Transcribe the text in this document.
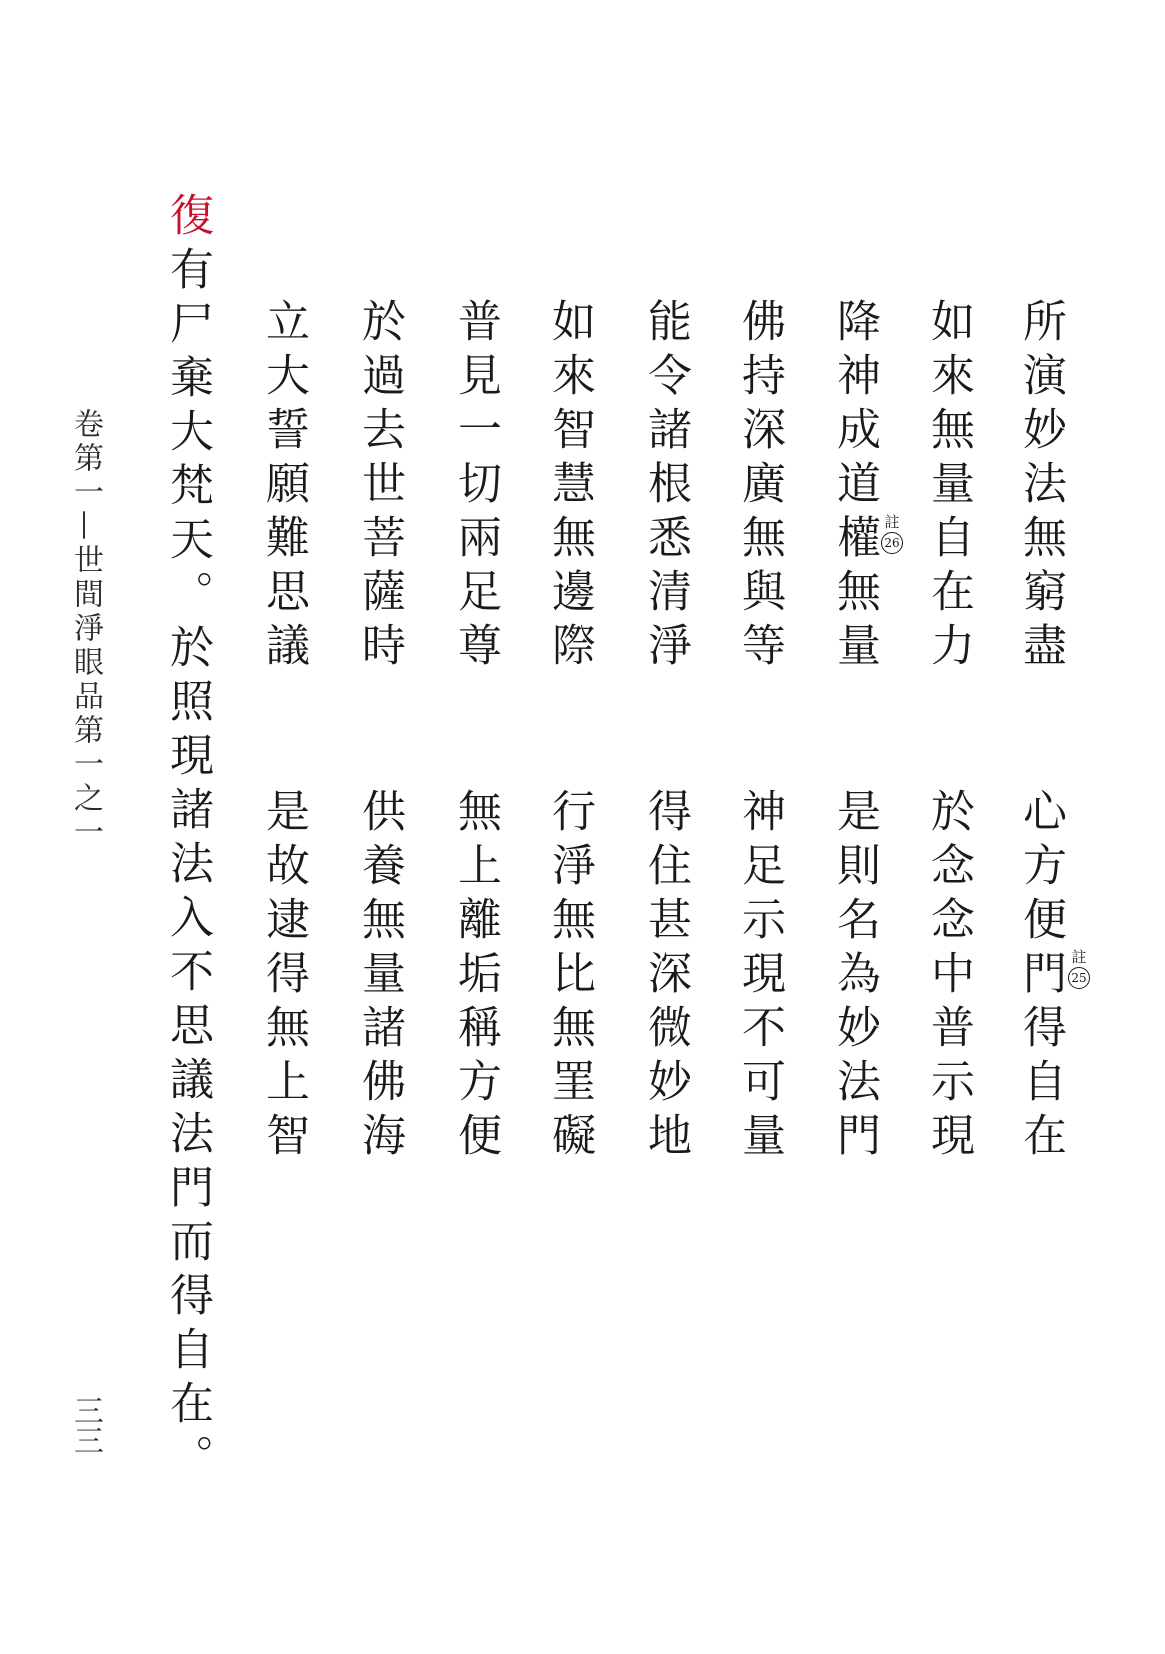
所演妙法無窮盡
心方便門得自在
如來無量自在力
於念念中普示現
降神成道權無量
是則名為妙法門
佛持深廣無與等
神足示現不可量
能令諸根悉清淨
得住甚深微妙地
如來智慧無邊際
行淨無比無罣礙
普見一切兩足尊
無上離垢稱方便
於過去世菩薩時
供養無量諸佛海
立大誓願難思議
是故逮得無上智	註
25
註
26
復有尸棄大梵天。於照現諸法入不思議法門而得自在。
卷第一—世間淨眼品第一之一
三三
